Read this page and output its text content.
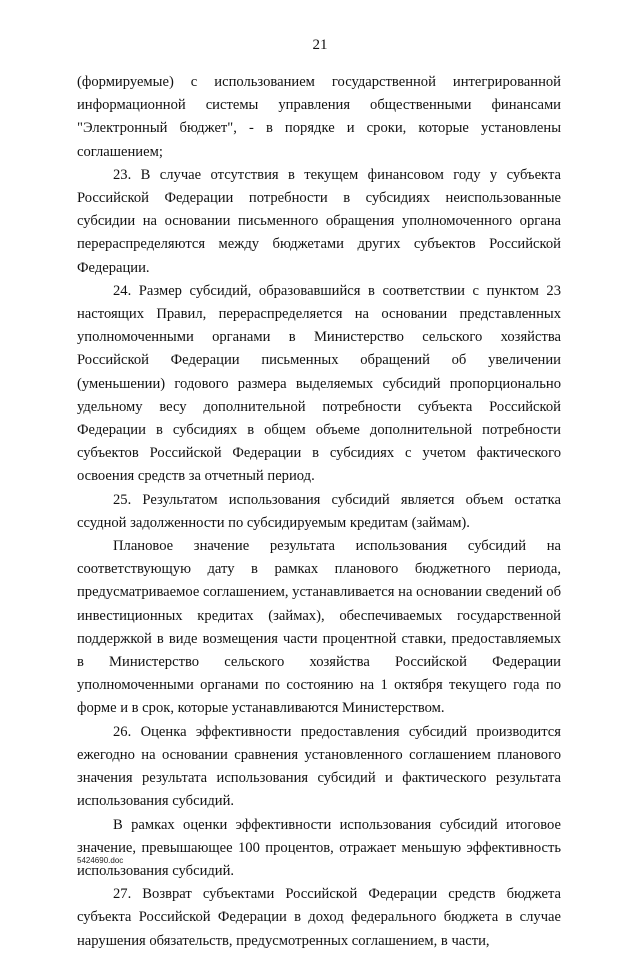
21

(формируемые) с использованием государственной интегрированной информационной системы управления общественными финансами "Электронный бюджет", - в порядке и сроки, которые установлены соглашением;

23. В случае отсутствия в текущем финансовом году у субъекта Российской Федерации потребности в субсидиях неиспользованные субсидии на основании письменного обращения уполномоченного органа перераспределяются между бюджетами других субъектов Российской Федерации.

24. Размер субсидий, образовавшийся в соответствии с пунктом 23 настоящих Правил, перераспределяется на основании представленных уполномоченными органами в Министерство сельского хозяйства Российской Федерации письменных обращений об увеличении (уменьшении) годового размера выделяемых субсидий пропорционально удельному весу дополнительной потребности субъекта Российской Федерации в субсидиях в общем объеме дополнительной потребности субъектов Российской Федерации в субсидиях с учетом фактического освоения средств за отчетный период.

25. Результатом использования субсидий является объем остатка ссудной задолженности по субсидируемым кредитам (займам).

Плановое значение результата использования субсидий на соответствующую дату в рамках планового бюджетного периода, предусматриваемое соглашением, устанавливается на основании сведений об инвестиционных кредитах (займах), обеспечиваемых государственной поддержкой в виде возмещения части процентной ставки, предоставляемых в Министерство сельского хозяйства Российской Федерации уполномоченными органами по состоянию на 1 октября текущего года по форме и в срок, которые устанавливаются Министерством.

26. Оценка эффективности предоставления субсидий производится ежегодно на основании сравнения установленного соглашением планового значения результата использования субсидий и фактического результата использования субсидий.

В рамках оценки эффективности использования субсидий итоговое значение, превышающее 100 процентов, отражает меньшую эффективность использования субсидий.

27. Возврат субъектами Российской Федерации средств бюджета субъекта Российской Федерации в доход федерального бюджета в случае нарушения обязательств, предусмотренных соглашением, в части,

5424690.doc
